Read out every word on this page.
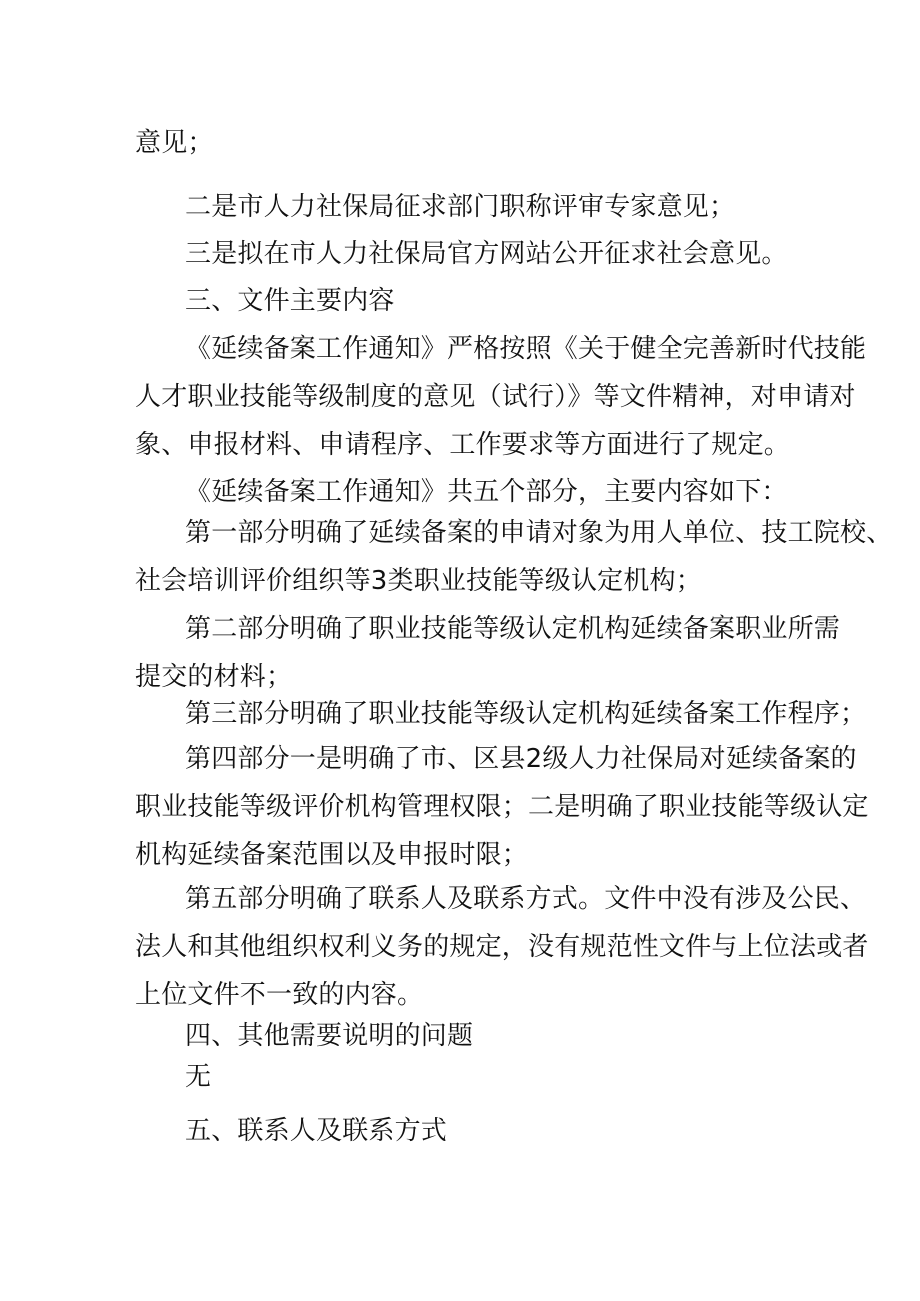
意见；
二是市人力社保局征求部门职称评审专家意见；
三是拟在市人力社保局官方网站公开征求社会意见。
三、文件主要内容
《延续备案工作通知》严格按照《关于健全完善新时代技能
人才职业技能等级制度的意见（试行）》等文件精神，对申请对
象、申报材料、申请程序、工作要求等方面进行了规定。
《延续备案工作通知》共五个部分，主要内容如下：
第一部分明确了延续备案的申请对象为用人单位、技工院校、
社会培训评价组织等3类职业技能等级认定机构；
第二部分明确了职业技能等级认定机构延续备案职业所需
提交的材料；
第三部分明确了职业技能等级认定机构延续备案工作程序；
第四部分一是明确了市、区县2级人力社保局对延续备案的
职业技能等级评价机构管理权限；二是明确了职业技能等级认定
机构延续备案范围以及申报时限；
第五部分明确了联系人及联系方式。文件中没有涉及公民、
法人和其他组织权利义务的规定，没有规范性文件与上位法或者
上位文件不一致的内容。
四、其他需要说明的问题
无
五、联系人及联系方式
